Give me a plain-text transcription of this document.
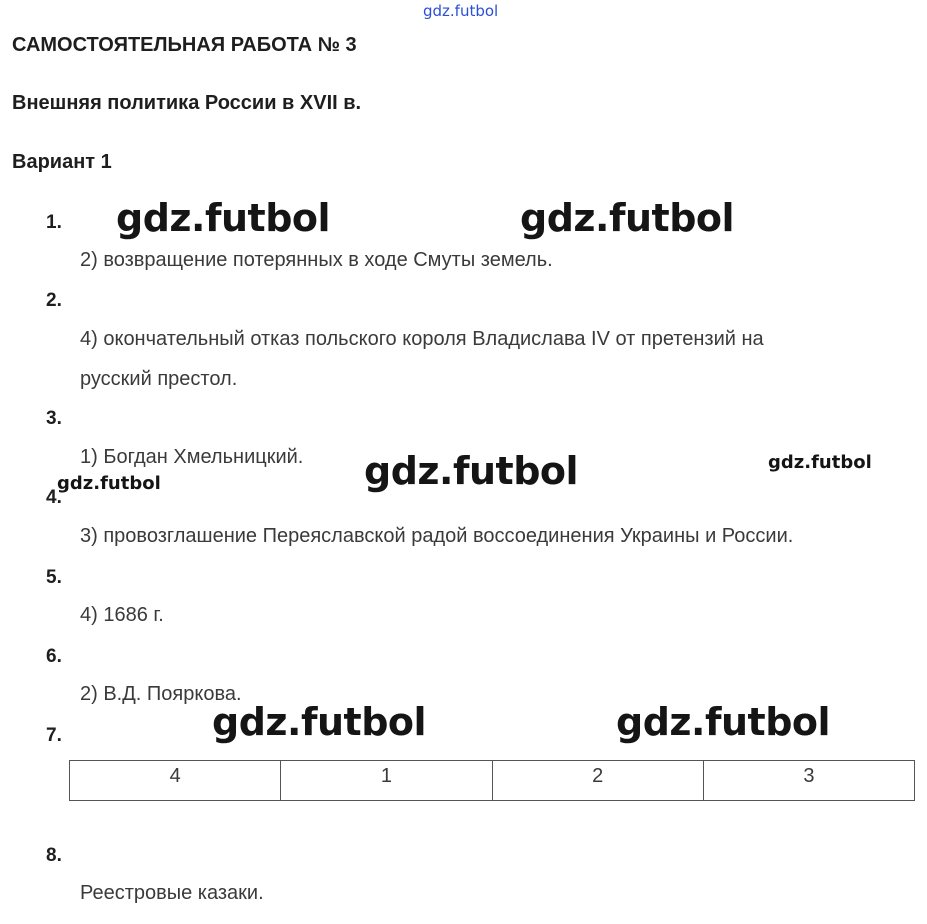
gdz.futbol
САМОСТОЯТЕЛЬНАЯ РАБОТА № 3
Внешняя политика России в XVII в.
Вариант 1
1.
2) возвращение потерянных в ходе Смуты земель.
2.
4) окончательный отказ польского короля Владислава IV от претензий на
русский престол.
3.
1) Богдан Хмельницкий.
4.
3) провозглашение Переяславской радой воссоединения Украины и России.
5.
4) 1686 г.
6.
2) В.Д. Пояркова.
7.
4	1	2	3
8.
Реестровые казаки.
gdz.futbol	gdz.futbol
gdz.futbol	gdz.futbol
gdz.futbol
gdz.futbol	gdz.futbol
